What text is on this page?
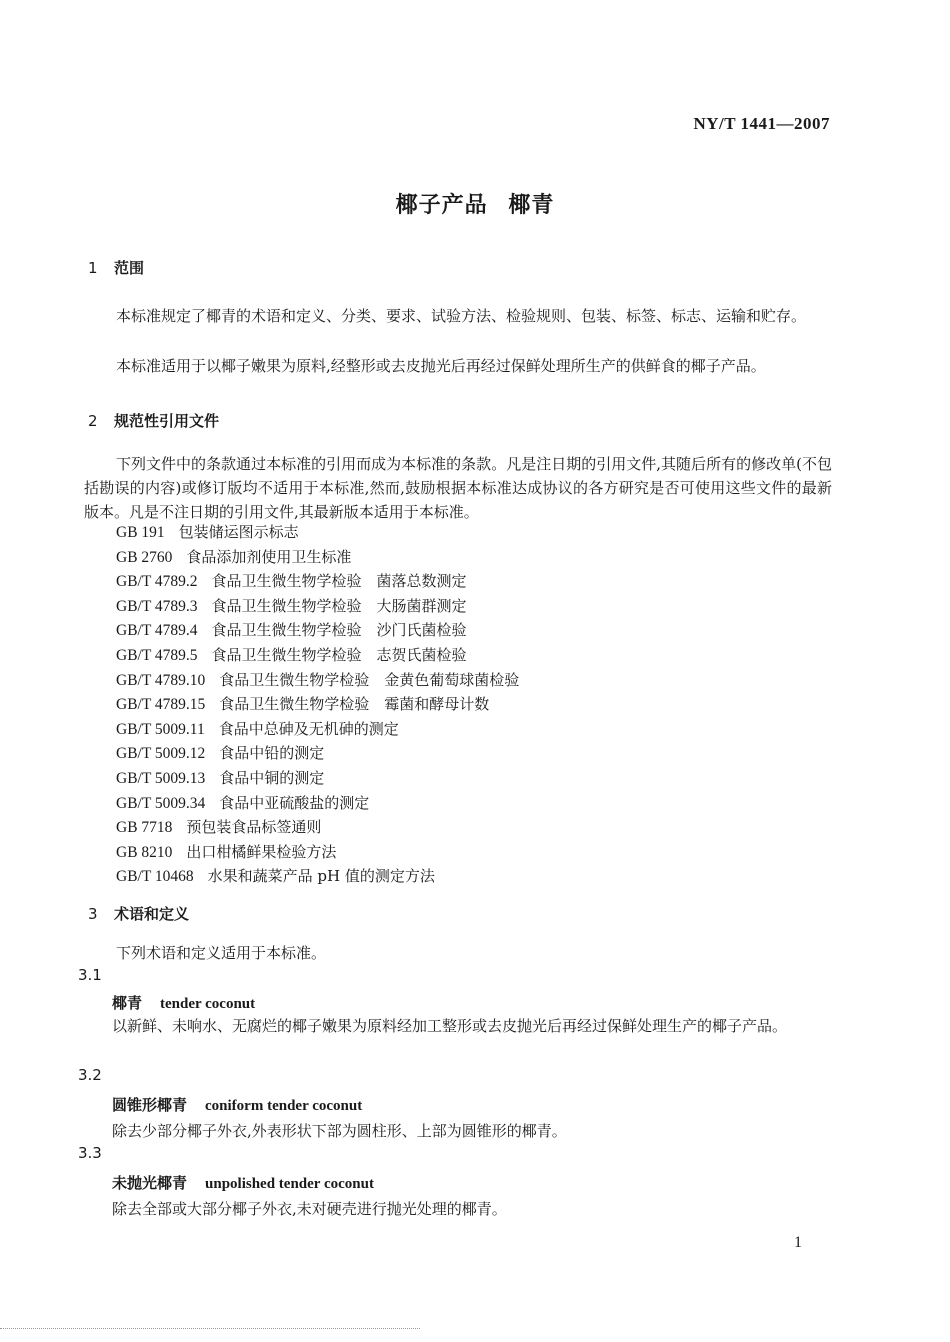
NY/T 1441—2007
椰子产品 椰青
1 范围

本标准规定了椰青的术语和定义、分类、要求、试验方法、检验规则、包装、标签、标志、运输和贮存。

本标准适用于以椰子嫩果为原料,经整形或去皮抛光后再经过保鲜处理所生产的供鲜食的椰子产品。

2 规范性引用文件

下列文件中的条款通过本标准的引用而成为本标准的条款。凡是注日期的引用文件,其随后所有的修改单(不包括勘误的内容)或修订版均不适用于本标准,然而,鼓励根据本标准达成协议的各方研究是否可使用这些文件的最新版本。凡是不注日期的引用文件,其最新版本适用于本标准。

GB 191 包装储运图示标志
GB 2760 食品添加剂使用卫生标准
GB/T 4789.2 食品卫生微生物学检验　菌落总数测定
GB/T 4789.3 食品卫生微生物学检验　大肠菌群测定
GB/T 4789.4 食品卫生微生物学检验　沙门氏菌检验
GB/T 4789.5 食品卫生微生物学检验　志贺氏菌检验
GB/T 4789.10 食品卫生微生物学检验　金黄色葡萄球菌检验
GB/T 4789.15 食品卫生微生物学检验　霉菌和酵母计数
GB/T 5009.11 食品中总砷及无机砷的测定
GB/T 5009.12 食品中铅的测定
GB/T 5009.13 食品中铜的测定
GB/T 5009.34 食品中亚硫酸盐的测定
GB 7718 预包装食品标签通则
GB 8210 出口柑橘鲜果检验方法
GB/T 10468 水果和蔬菜产品 pH 值的测定方法
3 术语和定义

下列术语和定义适用于本标准。

3.1
椰青 tender coconut

以新鲜、未响水、无腐烂的椰子嫩果为原料经加工整形或去皮抛光后再经过保鲜处理生产的椰子产品。

3.2
圆锥形椰青 coniform tender coconut

除去少部分椰子外衣,外表形状下部为圆柱形、上部为圆锥形的椰青。

3.3
未抛光椰青 unpolished tender coconut

除去全部或大部分椰子外衣,未对硬壳进行抛光处理的椰青。

1
